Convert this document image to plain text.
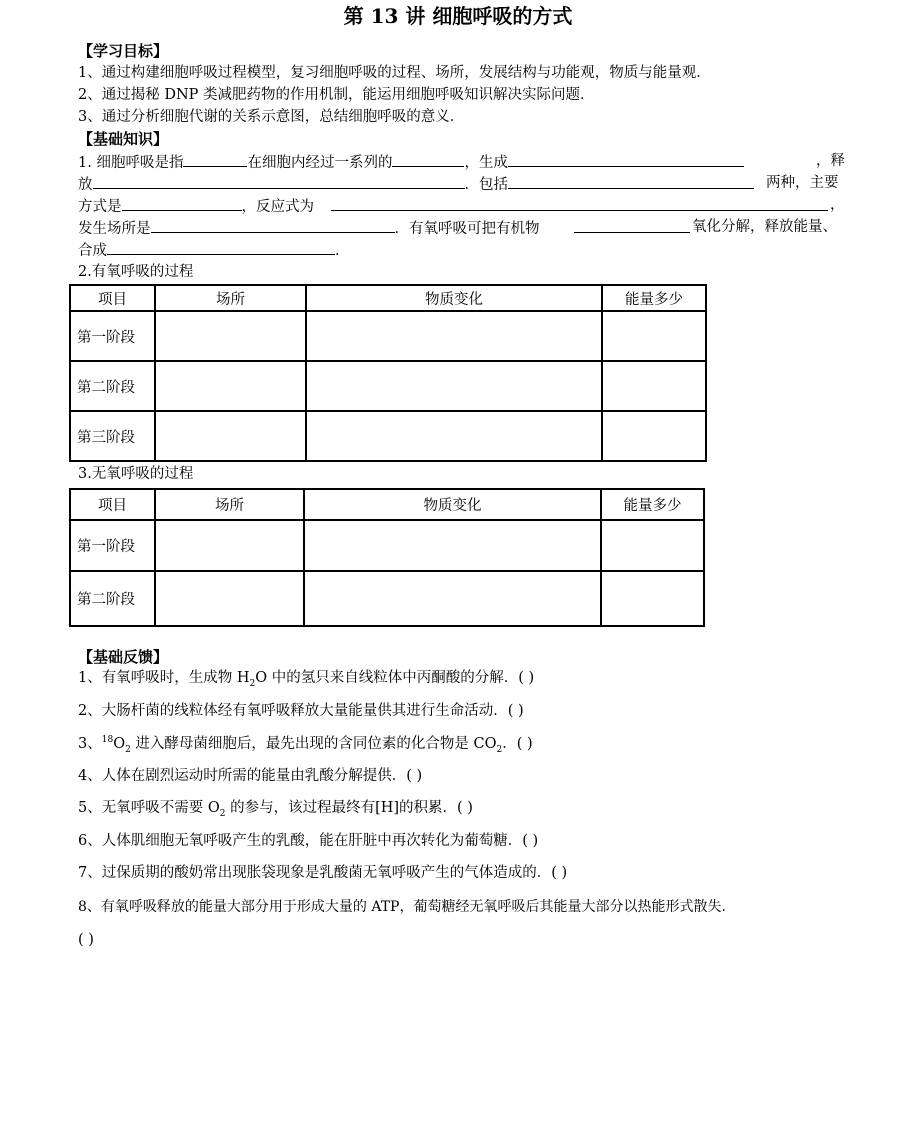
第 13 讲 细胞呼吸的方式
【学习目标】
1、通过构建细胞呼吸过程模型，复习细胞呼吸的过程、场所，发展结构与功能观，物质与能量观．
2、通过揭秘 DNP 类减肥药物的作用机制，能运用细胞呼吸知识解决实际问题．
3、通过分析细胞代谢的关系示意图，总结细胞呼吸的意义．
【基础知识】
1. 细胞呼吸是指	在细胞内经过一系列的	，生成	，释
放	．包括	两种，主要
方式是	，反应式为	，
发生场所是	．有氧呼吸可把有机物	氧化分解，释放能量、
合成	．
2.有氧呼吸的过程
项目	场所	物质变化	能量多少
第一阶段			
第二阶段			
第三阶段			
3.无氧呼吸的过程
项目	场所	物质变化	能量多少
第一阶段			
第二阶段			
【基础反馈】
1、有氧呼吸时，生成物 $H_2O$ 中的氢只来自线粒体中丙酮酸的分解．( )
2、大肠杆菌的线粒体经有氧呼吸释放大量能量供其进行生命活动．( )
3、$^{18}O_2$ 进入酵母菌细胞后，最先出现的含同位素的化合物是 $CO_2$．( )
4、人体在剧烈运动时所需的能量由乳酸分解提供．( )
5、无氧呼吸不需要 $O_2$ 的参与，该过程最终有[H]的积累．( )
6、人体肌细胞无氧呼吸产生的乳酸，能在肝脏中再次转化为葡萄糖．( )
7、过保质期的酸奶常出现胀袋现象是乳酸菌无氧呼吸产生的气体造成的．( )
8、有氧呼吸释放的能量大部分用于形成大量的 ATP，葡萄糖经无氧呼吸后其能量大部分以热能形式散失．
( )
